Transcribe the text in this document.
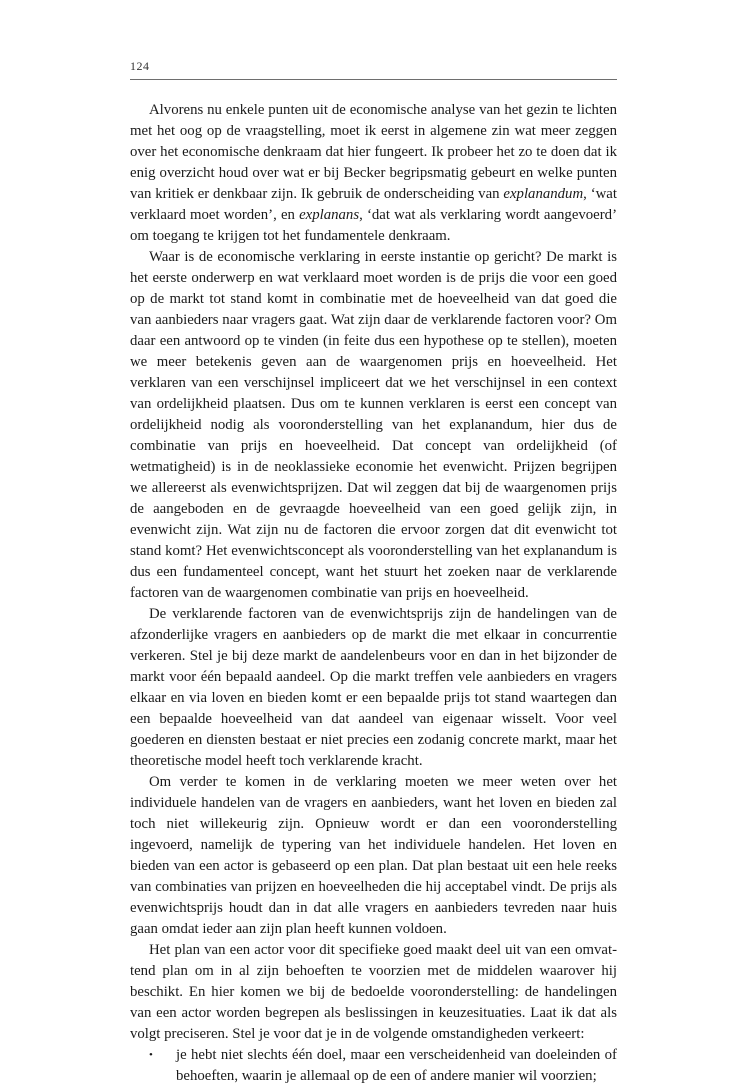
124

Alvorens nu enkele punten uit de economische analyse van het gezin te lichten met het oog op de vraagstelling, moet ik eerst in algemene zin wat meer zeggen over het economische denkraam dat hier fungeert. Ik probeer het zo te doen dat ik enig overzicht houd over wat er bij Becker begripsmatig gebeurt en welke punten van kritiek er denkbaar zijn. Ik gebruik de onderscheiding van explanandum, ‘wat verklaard moet worden’, en explanans, ‘dat wat als verklaring wordt aangevoerd’ om toegang te krijgen tot het fundamentele denkraam.

Waar is de economische verklaring in eerste instantie op gericht? De markt is het eerste onderwerp en wat verklaard moet worden is de prijs die voor een goed op de markt tot stand komt in combinatie met de hoeveelheid van dat goed die van aanbieders naar vragers gaat. Wat zijn daar de verklarende factoren voor? Om daar een antwoord op te vinden (in feite dus een hypothese op te stellen), moeten we meer betekenis geven aan de waargenomen prijs en hoeveelheid. Het verklaren van een verschijnsel impliceert dat we het verschijnsel in een context van ordelijkheid plaatsen. Dus om te kunnen verklaren is eerst een concept van ordelijkheid nodig als vooronderstelling van het explanandum, hier dus de combinatie van prijs en hoeveelheid. Dat concept van ordelijkheid (of wetmatigheid) is in de neoklassieke economie het evenwicht. Prijzen begrijpen we allereerst als evenwichtsprijzen. Dat wil zeggen dat bij de waargenomen prijs de aangeboden en de gevraagde hoeveelheid van een goed gelijk zijn, in evenwicht zijn. Wat zijn nu de factoren die ervoor zorgen dat dit evenwicht tot stand komt? Het evenwichtsconcept als vooronderstelling van het explanandum is dus een fundamenteel concept, want het stuurt het zoeken naar de verklarende factoren van de waargenomen combinatie van prijs en hoeveelheid.

De verklarende factoren van de evenwichtsprijs zijn de handelingen van de afzonderlijke vragers en aanbieders op de markt die met elkaar in concurrentie verkeren. Stel je bij deze markt de aandelenbeurs voor en dan in het bijzonder de markt voor één bepaald aandeel. Op die markt treffen vele aanbieders en vragers elkaar en via loven en bieden komt er een bepaalde prijs tot stand waartegen dan een bepaalde hoeveelheid van dat aandeel van eigenaar wisselt. Voor veel goederen en diensten bestaat er niet precies een zodanig concrete markt, maar het theoretische model heeft toch verklarende kracht.

Om verder te komen in de verklaring moeten we meer weten over het individuele handelen van de vragers en aanbieders, want het loven en bieden zal toch niet willekeurig zijn. Opnieuw wordt er dan een vooronderstelling ingevoerd, namelijk de typering van het individuele handelen. Het loven en bieden van een actor is gebaseerd op een plan. Dat plan bestaat uit een hele reeks van combinaties van prijzen en hoeveelheden die hij acceptabel vindt. De prijs als evenwichtsprijs houdt dan in dat alle vragers en aanbieders tevreden naar huis gaan omdat ieder aan zijn plan heeft kunnen voldoen.

Het plan van een actor voor dit specifieke goed maakt deel uit van een omvattend plan om in al zijn behoeften te voorzien met de middelen waarover hij beschikt. En hier komen we bij de bedoelde vooronderstelling: de handelingen van een actor worden begrepen als beslissingen in keuzesituaties. Laat ik dat als volgt preciseren. Stel je voor dat je in de volgende omstandigheden verkeert:

•	je hebt niet slechts één doel, maar een verscheidenheid van doeleinden of behoeften, waarin je allemaal op de een of andere manier wil voorzien;
